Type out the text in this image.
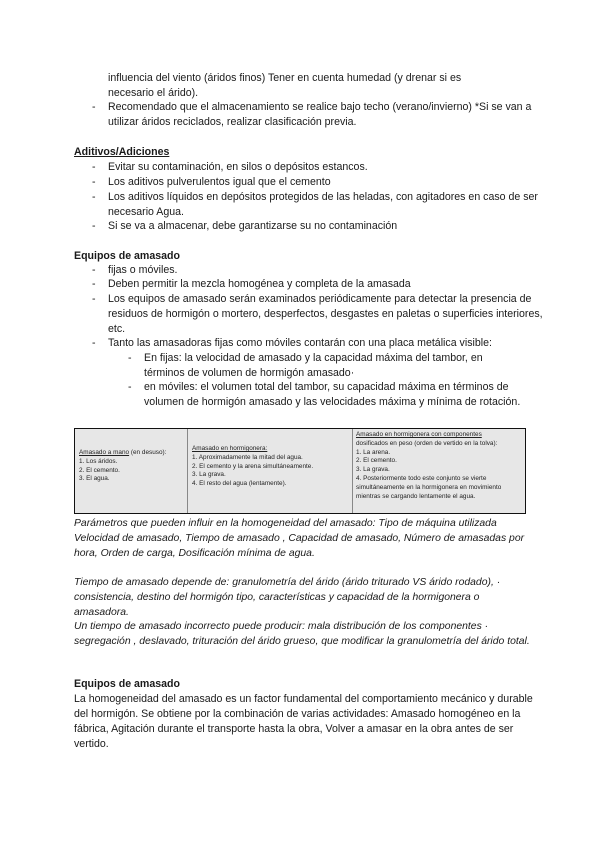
influencia del viento (áridos finos) Tener en cuenta humedad (y drenar si es
necesario el árido).
- Recomendado que el almacenamiento se realice bajo techo (verano/invierno) *Si se van a utilizar áridos reciclados, realizar clasificación previa.
Aditivos/Adiciones
- Evitar su contaminación, en silos o depósitos estancos.
- Los aditivos pulverulentos igual que el cemento
- Los aditivos líquidos en depósitos protegidos de las heladas, con agitadores en caso de ser necesario Agua.
- Si se va a almacenar, debe garantizarse su no contaminación
Equipos de amasado
- fijas o móviles.
- Deben permitir la mezcla homogénea y completa de la amasada
- Los equipos de amasado serán examinados periódicamente para detectar la presencia de residuos de hormigón o mortero, desperfectos, desgastes en paletas o superficies interiores, etc.
- Tanto las amasadoras fijas como móviles contarán con una placa metálica visible:
- En fijas: la velocidad de amasado y la capacidad máxima del tambor, en términos de volumen de hormigón amasado·
- en móviles: el volumen total del tambor, su capacidad máxima en términos de volumen de hormigón amasado y las velocidades máxima y mínima de rotación.
Amasado a mano (en desuso):
1. Los áridos.
2. El cemento.
3. El agua.
Amasado en hormigonera:
1. Aproximadamente la mitad del agua.
2. El cemento y la arena simultáneamente.
3. La grava.
4. El resto del agua (lentamente).
Amasado en hormigonera con componentes
dosificados en peso (orden de vertido en la tolva):
1. La arena.
2. El cemento.
3. La grava.
4. Posteriormente todo este conjunto se vierte simultáneamente en la hormigonera en movimiento mientras se cargando lentamente el agua.
Parámetros que pueden influir en la homogeneidad del amasado: Tipo de máquina utilizada Velocidad de amasado, Tiempo de amasado , Capacidad de amasado, Número de amasadas por hora, Orden de carga, Dosificación mínima de agua.
Tiempo de amasado depende de: granulometría del árido (árido triturado VS árido rodado), · consistencia, destino del hormigón tipo, características y capacidad de la hormigonera o amasadora.
Un tiempo de amasado incorrecto puede producir: mala distribución de los componentes · segregación , deslavado, trituración del árido grueso, que modificar la granulometría del árido total.
Equipos de amasado
La homogeneidad del amasado es un factor fundamental del comportamiento mecánico y durable del hormigón. Se obtiene por la combinación de varias actividades: Amasado homogéneo en la fábrica, Agitación durante el transporte hasta la obra, Volver a amasar en la obra antes de ser vertido.
